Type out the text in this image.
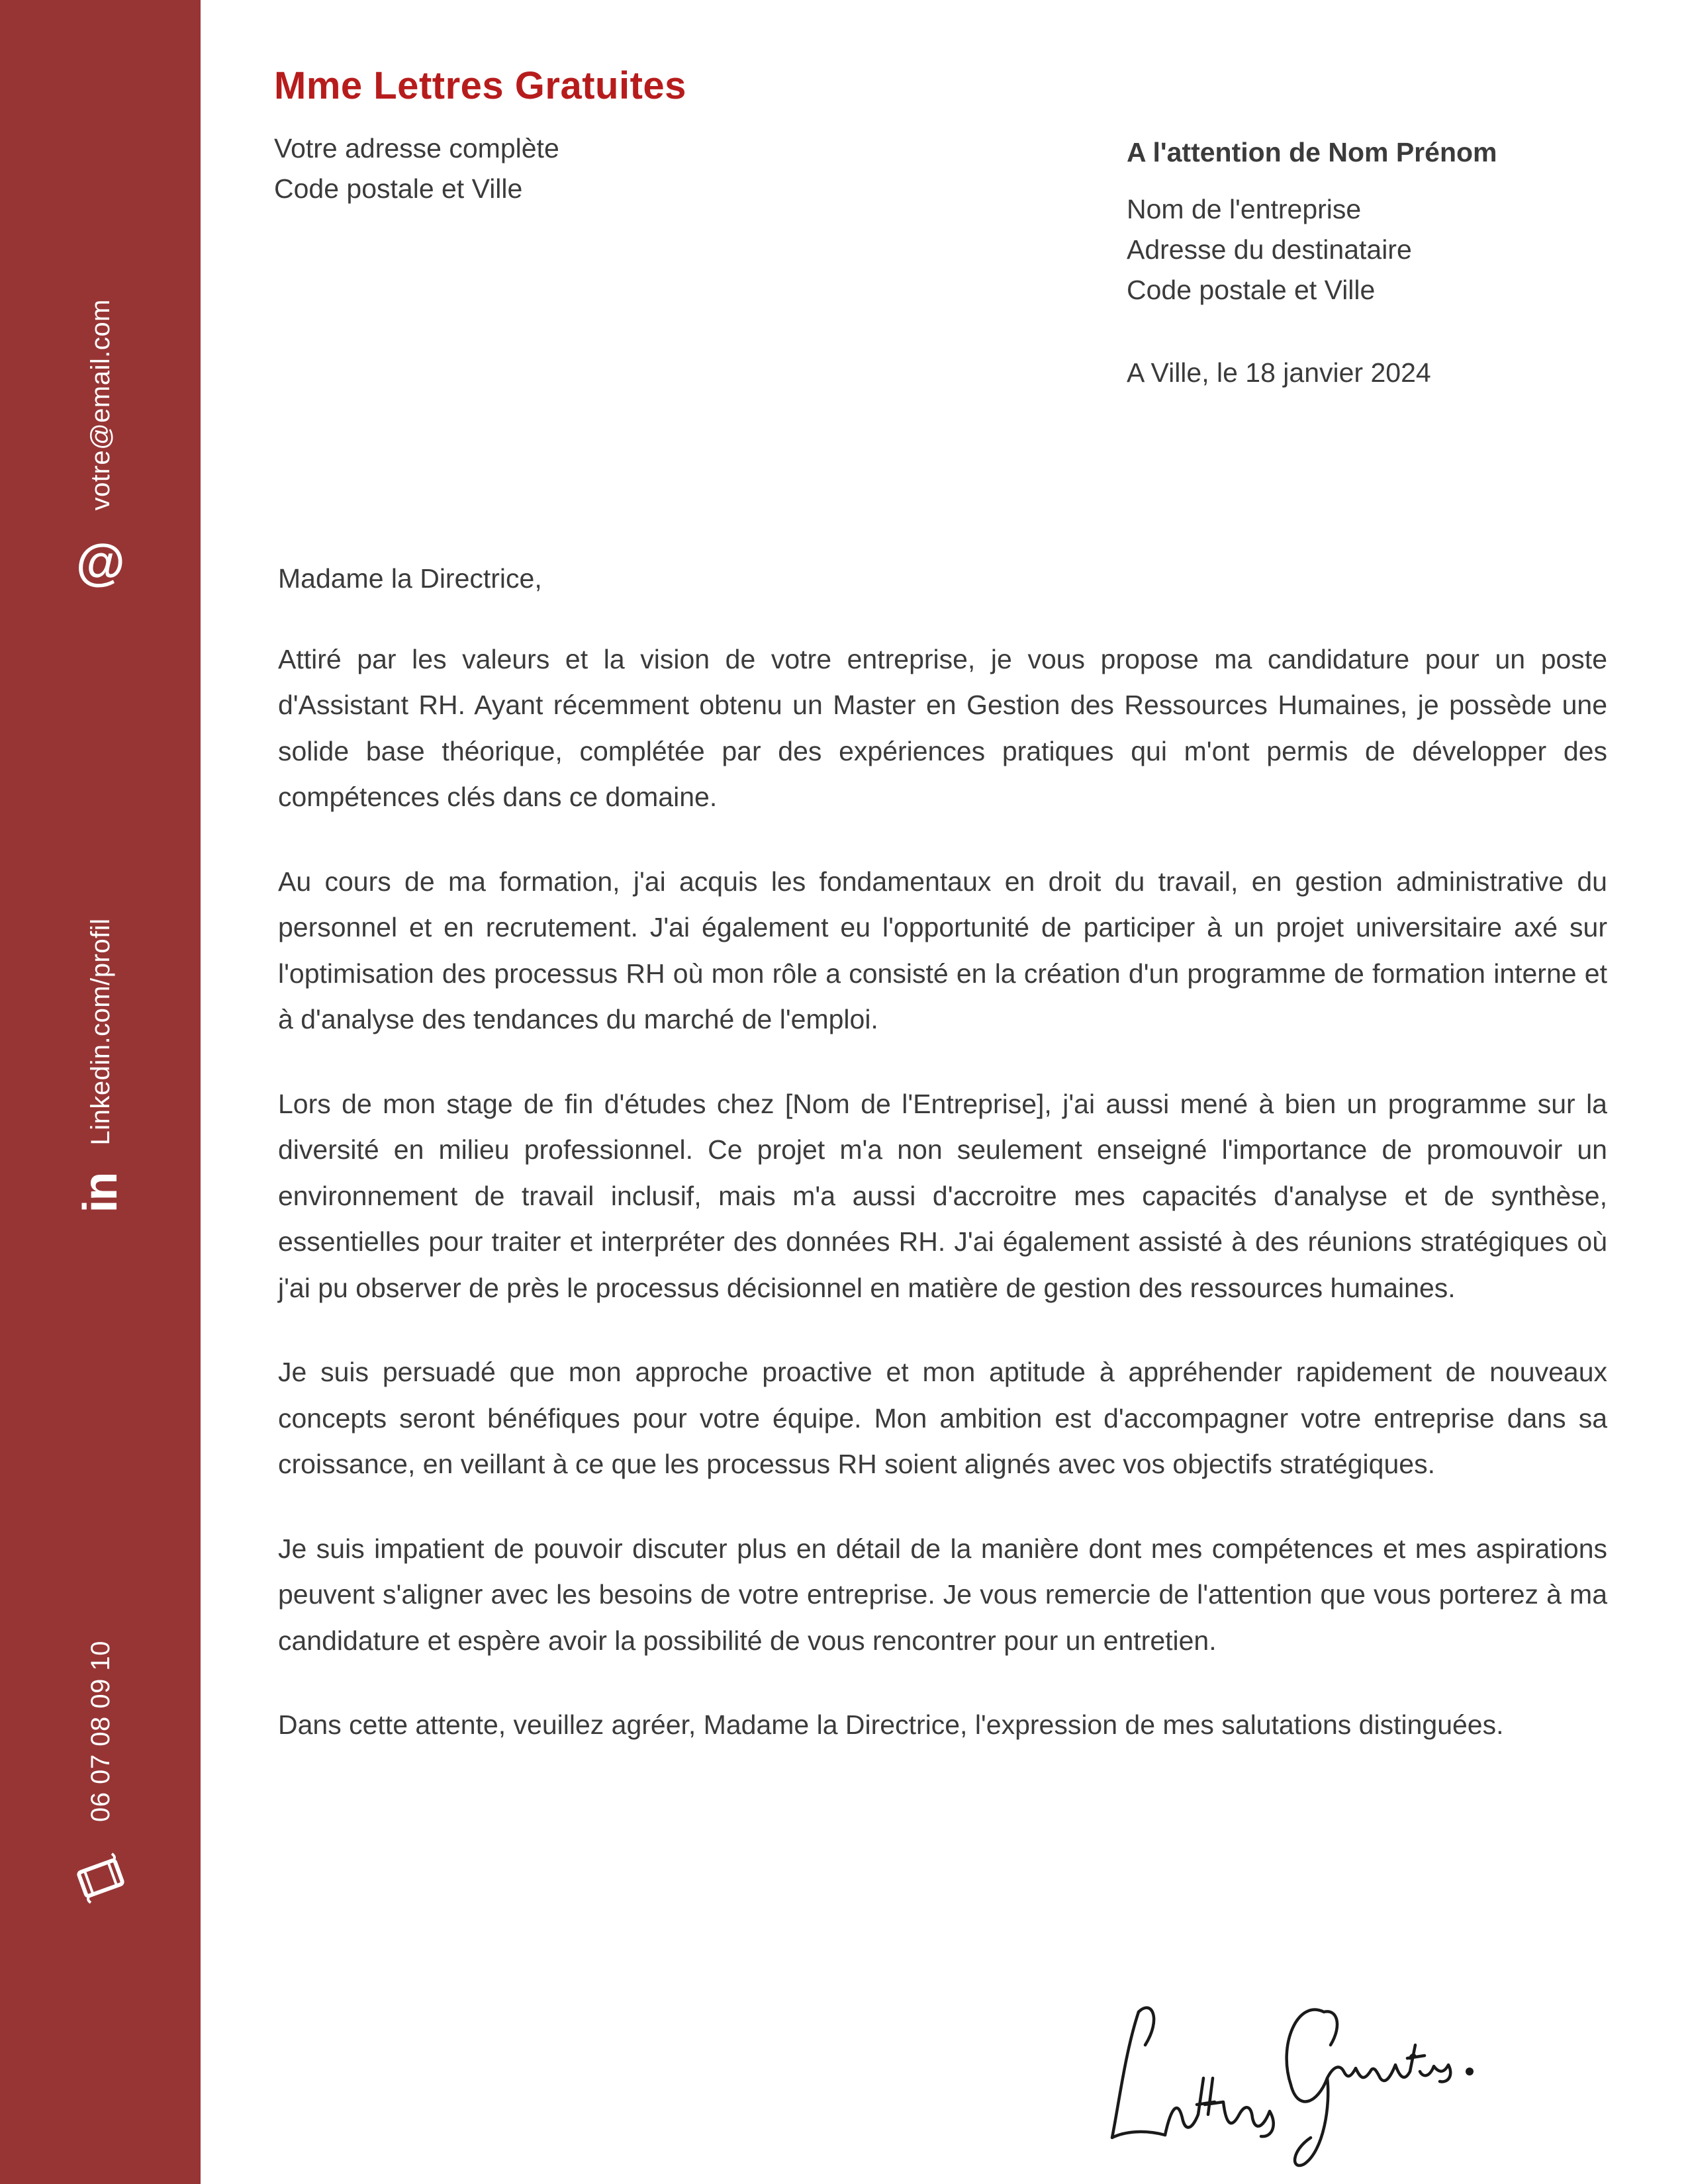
@
votre@email.com
in
Linkedin.com/profil
06 07 08 09 10
Mme Lettres Gratuites
Votre adresse complète
Code postale et Ville
A l'attention de Nom Prénom
Nom de l'entreprise
Adresse du destinataire
Code postale et Ville
A Ville, le 18 janvier 2024

Madame la Directrice,

Attiré par les valeurs et la vision de votre entreprise, je vous propose ma candidature pour un poste d'Assistant RH. Ayant récemment obtenu un Master en Gestion des Ressources Humaines, je possède une solide base théorique, complétée par des expériences pratiques qui m'ont permis de développer des compétences clés dans ce domaine.

Au cours de ma formation, j'ai acquis les fondamentaux en droit du travail, en gestion administrative du personnel et en recrutement. J'ai également eu l'opportunité de participer à un projet universitaire axé sur l'optimisation des processus RH où mon rôle a consisté en la création d'un programme de formation interne et à d'analyse des tendances du marché de l'emploi.

Lors de mon stage de fin d'études chez [Nom de l'Entreprise], j'ai aussi mené à bien un programme sur la diversité en milieu professionnel. Ce projet m'a non seulement enseigné l'importance de promouvoir un environnement de travail inclusif, mais m'a aussi d'accroitre mes capacités d'analyse et de synthèse, essentielles pour traiter et interpréter des données RH. J'ai également assisté à des réunions stratégiques où j'ai pu observer de près le processus décisionnel en matière de gestion des ressources humaines.

Je suis persuadé que mon approche proactive et mon aptitude à appréhender rapidement de nouveaux concepts seront bénéfiques pour votre équipe. Mon ambition est d'accompagner votre entreprise dans sa croissance, en veillant à ce que les processus RH soient alignés avec vos objectifs stratégiques.

Je suis impatient de pouvoir discuter plus en détail de la manière dont mes compétences et mes aspirations peuvent s'aligner avec les besoins de votre entreprise. Je vous remercie de l'attention que vous porterez à ma candidature et espère avoir la possibilité de vous rencontrer pour un entretien.

Dans cette attente, veuillez agréer, Madame la Directrice, l'expression de mes salutations distinguées.
